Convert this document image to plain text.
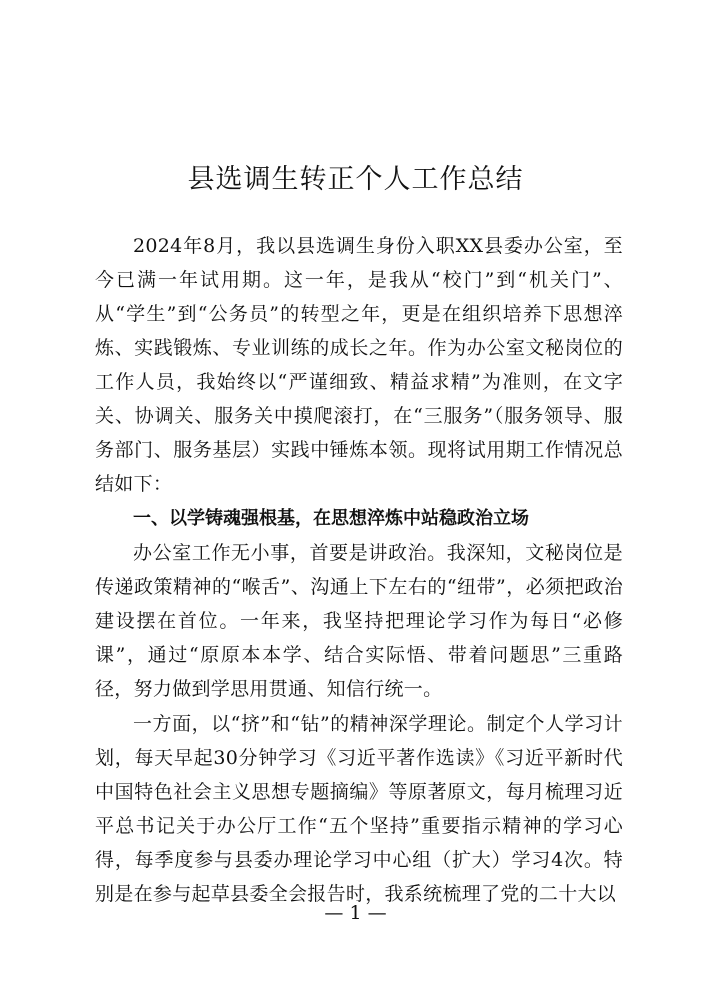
县选调生转正个人工作总结

2024年8月，我以县选调生身份入职XX县委办公室，至今已满一年试用期。这一年，是我从“校门”到“机关门”、从“学生”到“公务员”的转型之年，更是在组织培养下思想淬炼、实践锻炼、专业训练的成长之年。作为办公室文秘岗位的工作人员，我始终以“严谨细致、精益求精”为准则，在文字关、协调关、服务关中摸爬滚打，在“三服务”（服务领导、服务部门、服务基层）实践中锤炼本领。现将试用期工作情况总结如下：

一、以学铸魂强根基，在思想淬炼中站稳政治立场

办公室工作无小事，首要是讲政治。我深知，文秘岗位是传递政策精神的“喉舌”、沟通上下左右的“纽带”，必须把政治建设摆在首位。一年来，我坚持把理论学习作为每日“必修课”，通过“原原本本学、结合实际悟、带着问题思”三重路径，努力做到学思用贯通、知信行统一。

一方面，以“挤”和“钻”的精神深学理论。制定个人学习计划，每天早起30分钟学习《习近平著作选读》《习近平新时代中国特色社会主义思想专题摘编》等原著原文，每月梳理习近平总书记关于办公厅工作“五个坚持”重要指示精神的学习心得，每季度参与县委办理论学习中心组（扩大）学习4次。特别是在参与起草县委全会报告时，我系统梳理了党的二十大以

— 1 —
